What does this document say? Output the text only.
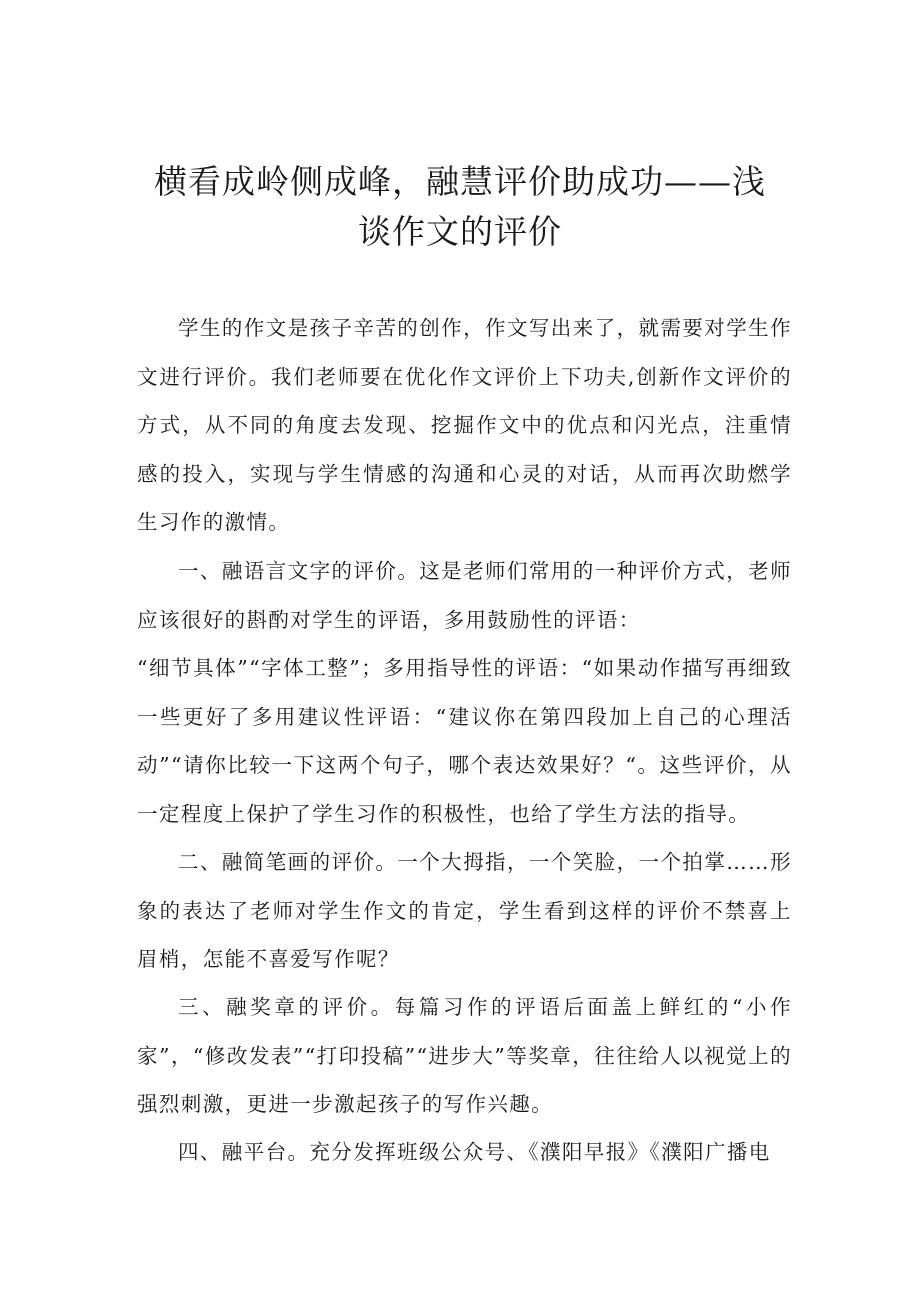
横看成岭侧成峰，融慧评价助成功——浅
谈作文的评价

学生的作文是孩子辛苦的创作，作文写出来了，就需要对学生作文进行评价。我们老师要在优化作文评价上下功夫,创新作文评价的方式，从不同的角度去发现、挖掘作文中的优点和闪光点，注重情感的投入，实现与学生情感的沟通和心灵的对话，从而再次助燃学生习作的激情。

一、融语言文字的评价。这是老师们常用的一种评价方式，老师应该很好的斟酌对学生的评语，多用鼓励性的评语：

“细节具体”“字体工整”；多用指导性的评语：“如果动作描写再细致一些更好了多用建议性评语：“建议你在第四段加上自己的心理活动”“请你比较一下这两个句子，哪个表达效果好？“。这些评价，从一定程度上保护了学生习作的积极性，也给了学生方法的指导。

二、融简笔画的评价。一个大拇指，一个笑脸，一个拍掌……形象的表达了老师对学生作文的肯定，学生看到这样的评价不禁喜上眉梢，怎能不喜爱写作呢？

三、融奖章的评价。每篇习作的评语后面盖上鲜红的“小作家”，“修改发表”“打印投稿”“进步大”等奖章，往往给人以视觉上的强烈刺激，更进一步激起孩子的写作兴趣。

四、融平台。充分发挥班级公众号、《濮阳早报》《濮阳广播电
